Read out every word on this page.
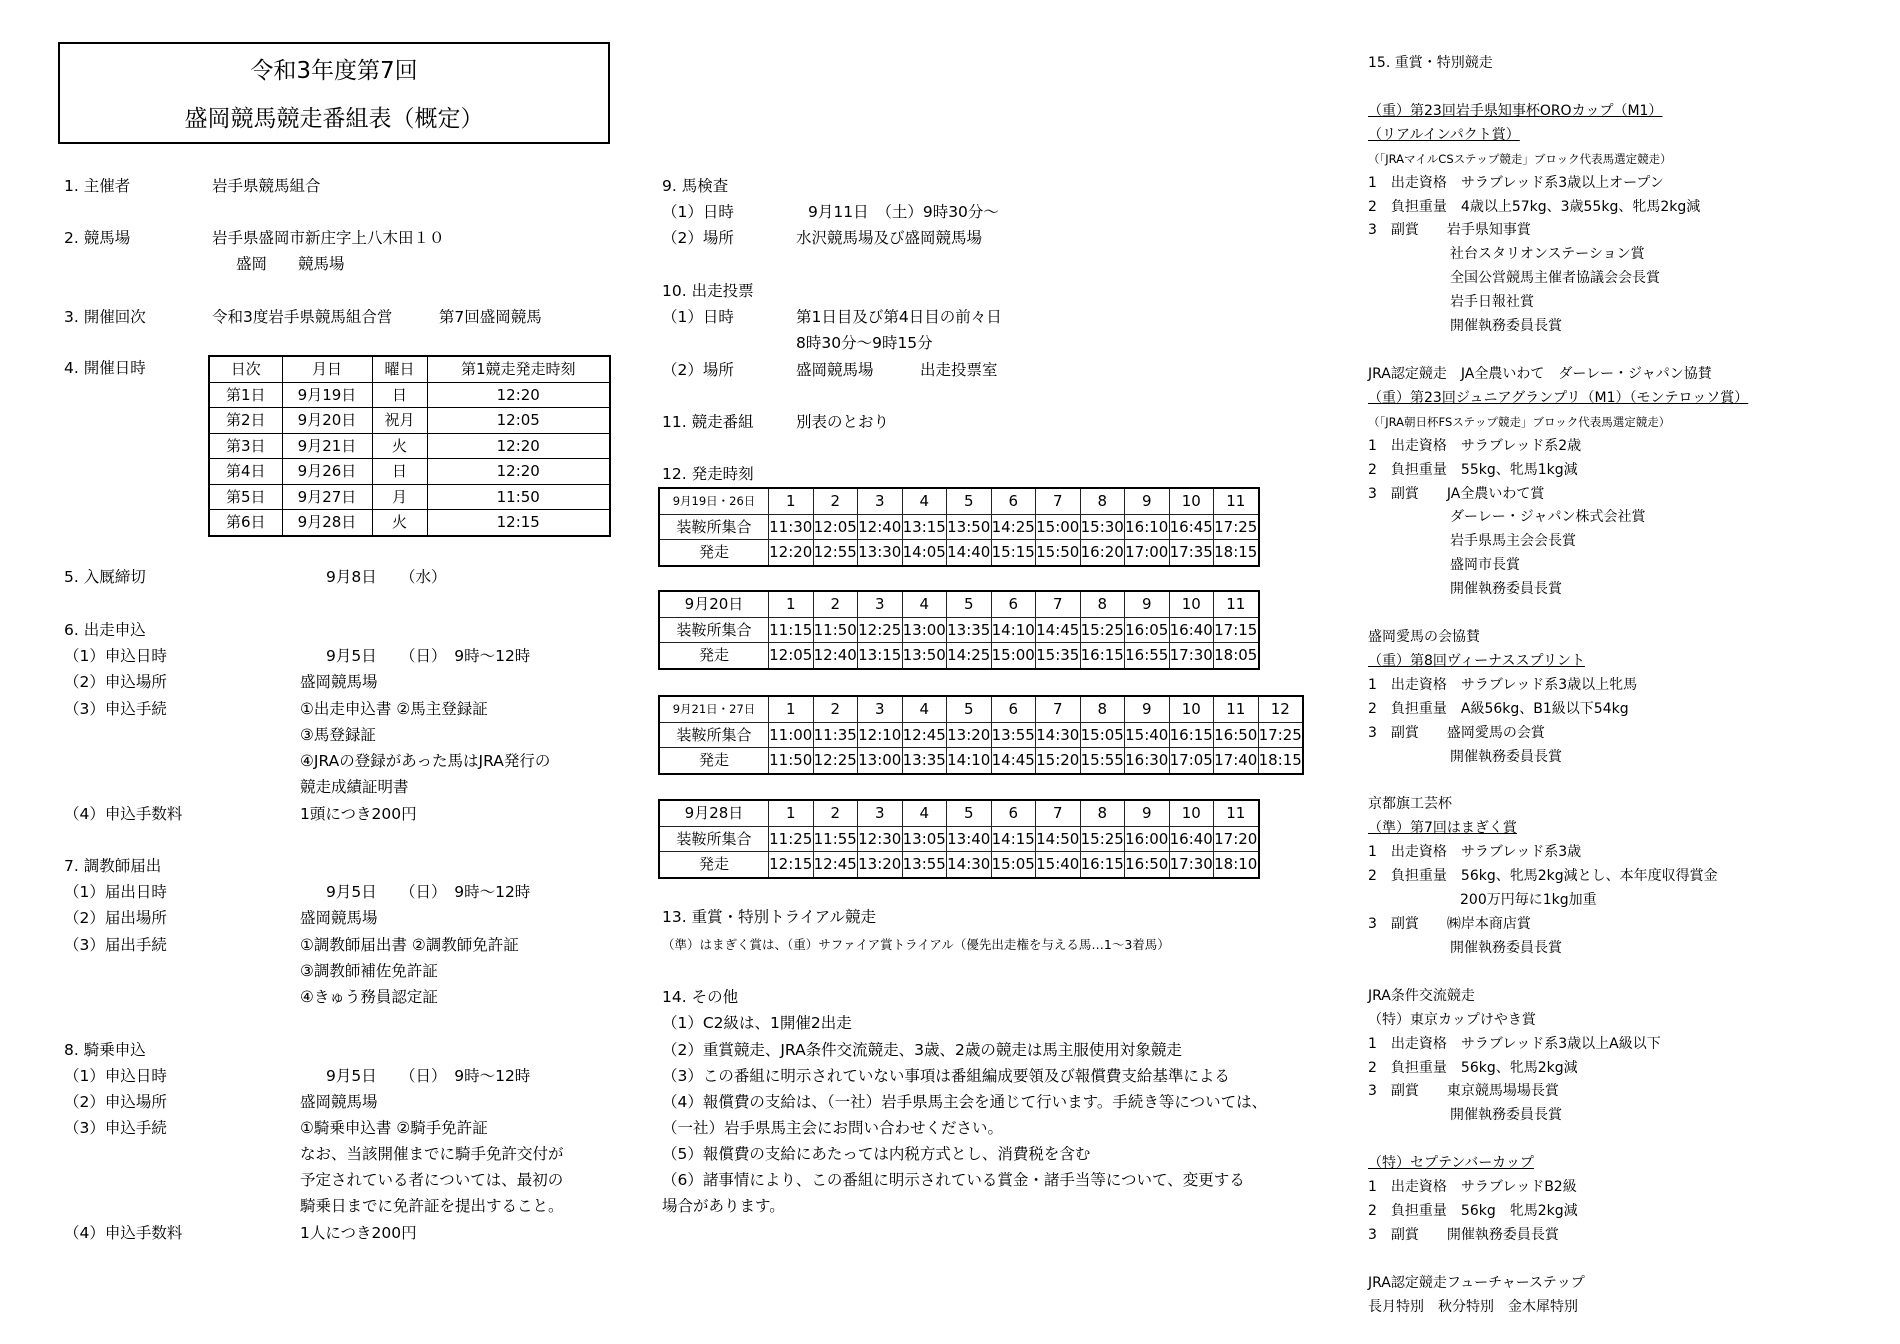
令和3年度第7回
盛岡競馬競走番組表（概定）
1. 主催者	岩手県競馬組合
2. 競馬場	岩手県盛岡市新庄字上八木田１０
盛岡　　競馬場
3. 開催回次	令和3度岩手県競馬組合営　　　第7回盛岡競馬
4. 開催日時	日次	月日	曜日	第1競走発走時刻
第1日	9月19日	日	12:20
第2日	9月20日	祝月	12:05
第3日	9月21日	火	12:20
第4日	9月26日	日	12:20
第5日	9月27日	月	11:50
第6日	9月28日	火	12:15
5. 入厩締切	9月8日　　（水）
6. 出走申込
（1）申込日時	9月5日　　（日）　9時～12時
（2）申込場所	盛岡競馬場
（3）申込手続	①出走申込書 ②馬主登録証
③馬登録証
④JRAの登録があった馬はJRA発行の
競走成績証明書
（4）申込手数料	1頭につき200円
7. 調教師届出
（1）届出日時	9月5日　　（日）　9時～12時
（2）届出場所	盛岡競馬場
（3）届出手続	①調教師届出書 ②調教師免許証
③調教師補佐免許証
④きゅう務員認定証
8. 騎乗申込
（1）申込日時	9月5日　　（日）　9時～12時
（2）申込場所	盛岡競馬場
（3）申込手続	①騎乗申込書 ②騎手免許証
なお、当該開催までに騎手免許交付が
予定されている者については、最初の
騎乗日までに免許証を提出すること。
（4）申込手数料	1人につき200円
9. 馬検査
（1）日時	9月11日　（土）9時30分～
（2）場所	水沢競馬場及び盛岡競馬場
10. 出走投票
（1）日時	第1日目及び第4日目の前々日
8時30分～9時15分
（2）場所	盛岡競馬場　　　出走投票室
11. 競走番組	別表のとおり
12. 発走時刻
9月19日・26日	1	2	3	4	5	6	7	8	9	10	11
装鞍所集合	11:30	12:05	12:40	13:15	13:50	14:25	15:00	15:30	16:10	16:45	17:25
発走	12:20	12:55	13:30	14:05	14:40	15:15	15:50	16:20	17:00	17:35	18:15
9月20日	1	2	3	4	5	6	7	8	9	10	11
装鞍所集合	11:15	11:50	12:25	13:00	13:35	14:10	14:45	15:25	16:05	16:40	17:15
発走	12:05	12:40	13:15	13:50	14:25	15:00	15:35	16:15	16:55	17:30	18:05
9月21日・27日	1	2	3	4	5	6	7	8	9	10	11	12
装鞍所集合	11:00	11:35	12:10	12:45	13:20	13:55	14:30	15:05	15:40	16:15	16:50	17:25
発走	11:50	12:25	13:00	13:35	14:10	14:45	15:20	15:55	16:30	17:05	17:40	18:15
9月28日	1	2	3	4	5	6	7	8	9	10	11
装鞍所集合	11:25	11:55	12:30	13:05	13:40	14:15	14:50	15:25	16:00	16:40	17:20
発走	12:15	12:45	13:20	13:55	14:30	15:05	15:40	16:15	16:50	17:30	18:10
13. 重賞・特別トライアル競走
（準）はまぎく賞は、（重）サファイア賞トライアル（優先出走権を与える馬…1～3着馬）
14. その他
（1）C2級は、1開催2出走
（2）重賞競走、JRA条件交流競走、3歳、2歳の競走は馬主服使用対象競走
（3）この番組に明示されていない事項は番組編成要領及び報償費支給基準による
（4）報償費の支給は、（一社）岩手県馬主会を通じて行います。手続き等については、
（一社）岩手県馬主会にお問い合わせください。
（5）報償費の支給にあたっては内税方式とし、消費税を含む
（6）諸事情により、この番組に明示されている賞金・諸手当等について、変更する
場合があります。
15. 重賞・特別競走
（重）第23回岩手県知事杯OROカップ（M1）
（リアルインパクト賞）
（「JRAマイルCSステップ競走」ブロック代表馬選定競走）
1　出走資格　サラブレッド系3歳以上オープン
2　負担重量　4歳以上57kg、3歳55kg、牝馬2kg減
3　副賞　　岩手県知事賞
社台スタリオンステーション賞
全国公営競馬主催者協議会会長賞
岩手日報社賞
開催執務委員長賞
JRA認定競走　JA全農いわて　ダーレー・ジャパン協賛
（重）第23回ジュニアグランプリ（M1）（モンテロッソ賞）
（「JRA朝日杯FSステップ競走」ブロック代表馬選定競走）
1　出走資格　サラブレッド系2歳
2　負担重量　55kg、牝馬1kg減
3　副賞　　JA全農いわて賞
ダーレー・ジャパン株式会社賞
岩手県馬主会会長賞
盛岡市長賞
開催執務委員長賞
盛岡愛馬の会協賛
（重）第8回ヴィーナススプリント
1　出走資格　サラブレッド系3歳以上牝馬
2　負担重量　A級56kg、B1級以下54kg
3　副賞　　盛岡愛馬の会賞
開催執務委員長賞
京都旗工芸杯
（準）第7回はまぎく賞
1　出走資格　サラブレッド系3歳
2　負担重量　56kg、牝馬2kg減とし、本年度収得賞金
200万円毎に1kg加重
3　副賞　　㈱岸本商店賞
開催執務委員長賞
JRA条件交流競走
（特）東京カップけやき賞
1　出走資格　サラブレッド系3歳以上A級以下
2　負担重量　56kg、牝馬2kg減
3　副賞　　東京競馬場場長賞
開催執務委員長賞
（特）セプテンバーカップ
1　出走資格　サラブレッドB2級
2　負担重量　56kg　牝馬2kg減
3　副賞　　開催執務委員長賞
JRA認定競走フューチャーステップ
長月特別　秋分特別　金木犀特別
